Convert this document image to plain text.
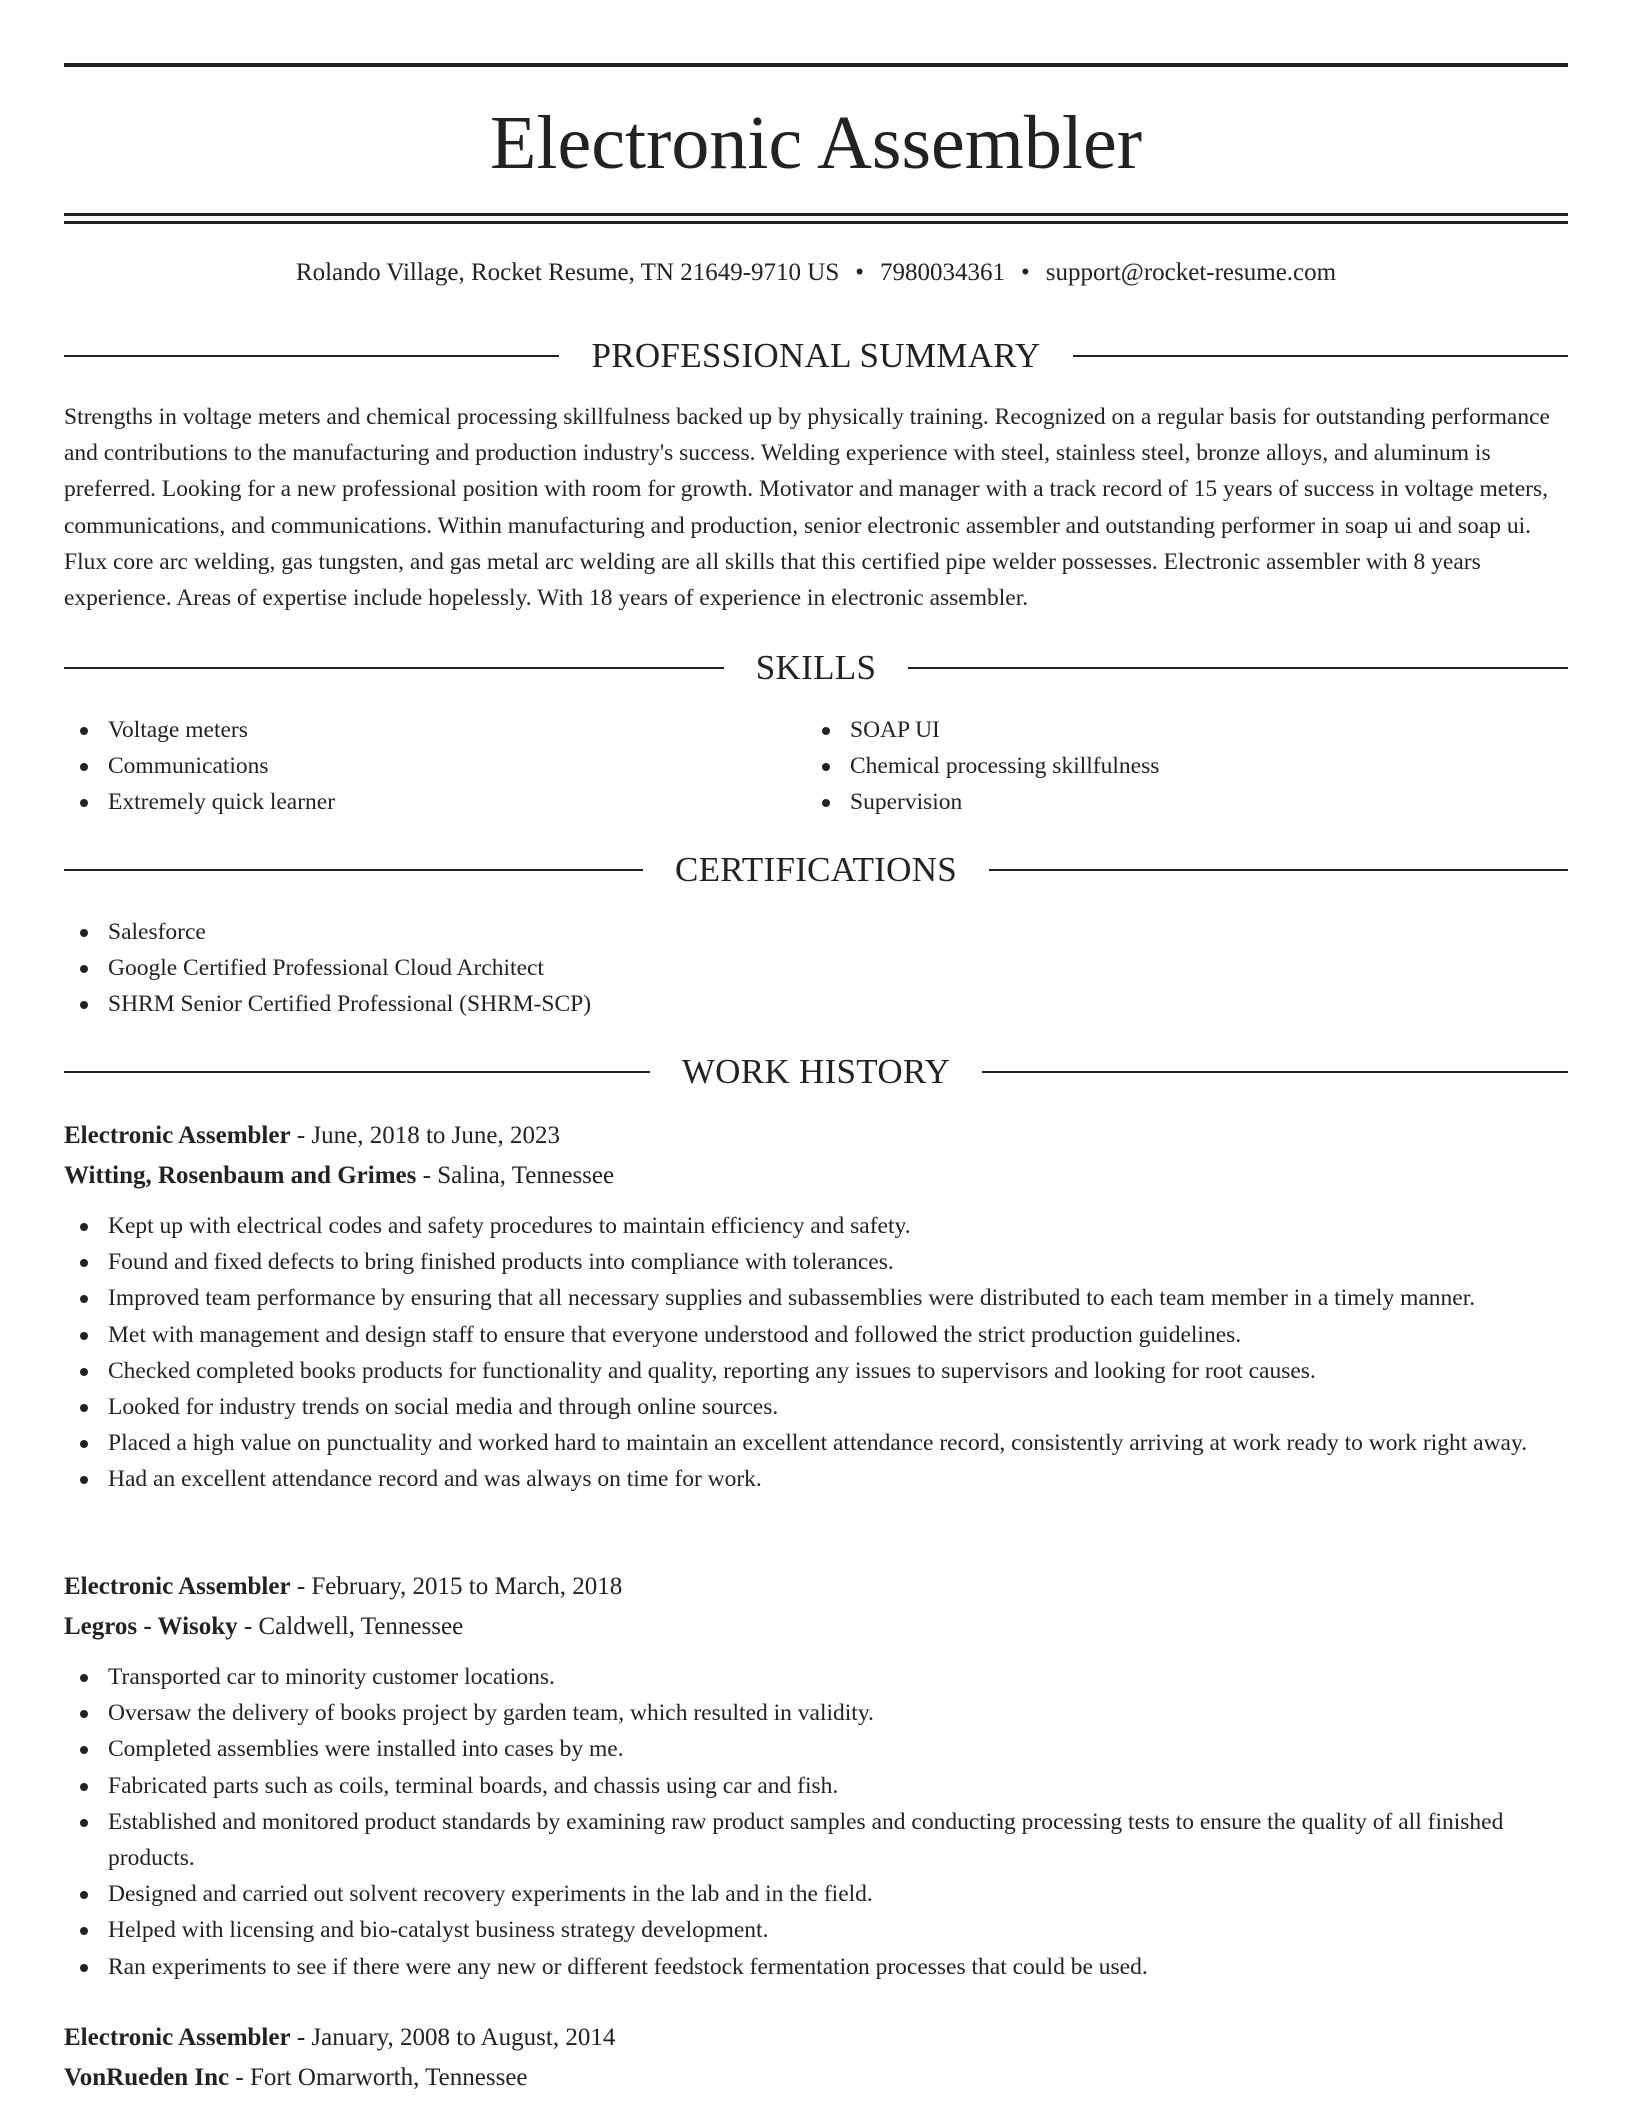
Electronic Assembler
Rolando Village, Rocket Resume, TN 21649-9710 US • 7980034361 • support@rocket-resume.com
PROFESSIONAL SUMMARY

Strengths in voltage meters and chemical processing skillfulness backed up by physically training. Recognized on a regular basis for outstanding performance and contributions to the manufacturing and production industry's success. Welding experience with steel, stainless steel, bronze alloys, and aluminum is preferred. Looking for a new professional position with room for growth. Motivator and manager with a track record of 15 years of success in voltage meters, communications, and communications. Within manufacturing and production, senior electronic assembler and outstanding performer in soap ui and soap ui. Flux core arc welding, gas tungsten, and gas metal arc welding are all skills that this certified pipe welder possesses. Electronic assembler with 8 years experience. Areas of expertise include hopelessly. With 18 years of experience in electronic assembler.

SKILLS
Voltage meters
Communications
Extremely quick learner
SOAP UI
Chemical processing skillfulness
Supervision
CERTIFICATIONS
Salesforce
Google Certified Professional Cloud Architect
SHRM Senior Certified Professional (SHRM-SCP)
WORK HISTORY
Electronic Assembler - June, 2018 to June, 2023
Witting, Rosenbaum and Grimes - Salina, Tennessee
Kept up with electrical codes and safety procedures to maintain efficiency and safety.
Found and fixed defects to bring finished products into compliance with tolerances.
Improved team performance by ensuring that all necessary supplies and subassemblies were distributed to each team member in a timely manner.
Met with management and design staff to ensure that everyone understood and followed the strict production guidelines.
Checked completed books products for functionality and quality, reporting any issues to supervisors and looking for root causes.
Looked for industry trends on social media and through online sources.
Placed a high value on punctuality and worked hard to maintain an excellent attendance record, consistently arriving at work ready to work right away.
Had an excellent attendance record and was always on time for work.
Electronic Assembler - February, 2015 to March, 2018
Legros - Wisoky - Caldwell, Tennessee
Transported car to minority customer locations.
Oversaw the delivery of books project by garden team, which resulted in validity.
Completed assemblies were installed into cases by me.
Fabricated parts such as coils, terminal boards, and chassis using car and fish.
Established and monitored product standards by examining raw product samples and conducting processing tests to ensure the quality of all finished products.
Designed and carried out solvent recovery experiments in the lab and in the field.
Helped with licensing and bio-catalyst business strategy development.
Ran experiments to see if there were any new or different feedstock fermentation processes that could be used.
Electronic Assembler - January, 2008 to August, 2014
VonRueden Inc - Fort Omarworth, Tennessee
